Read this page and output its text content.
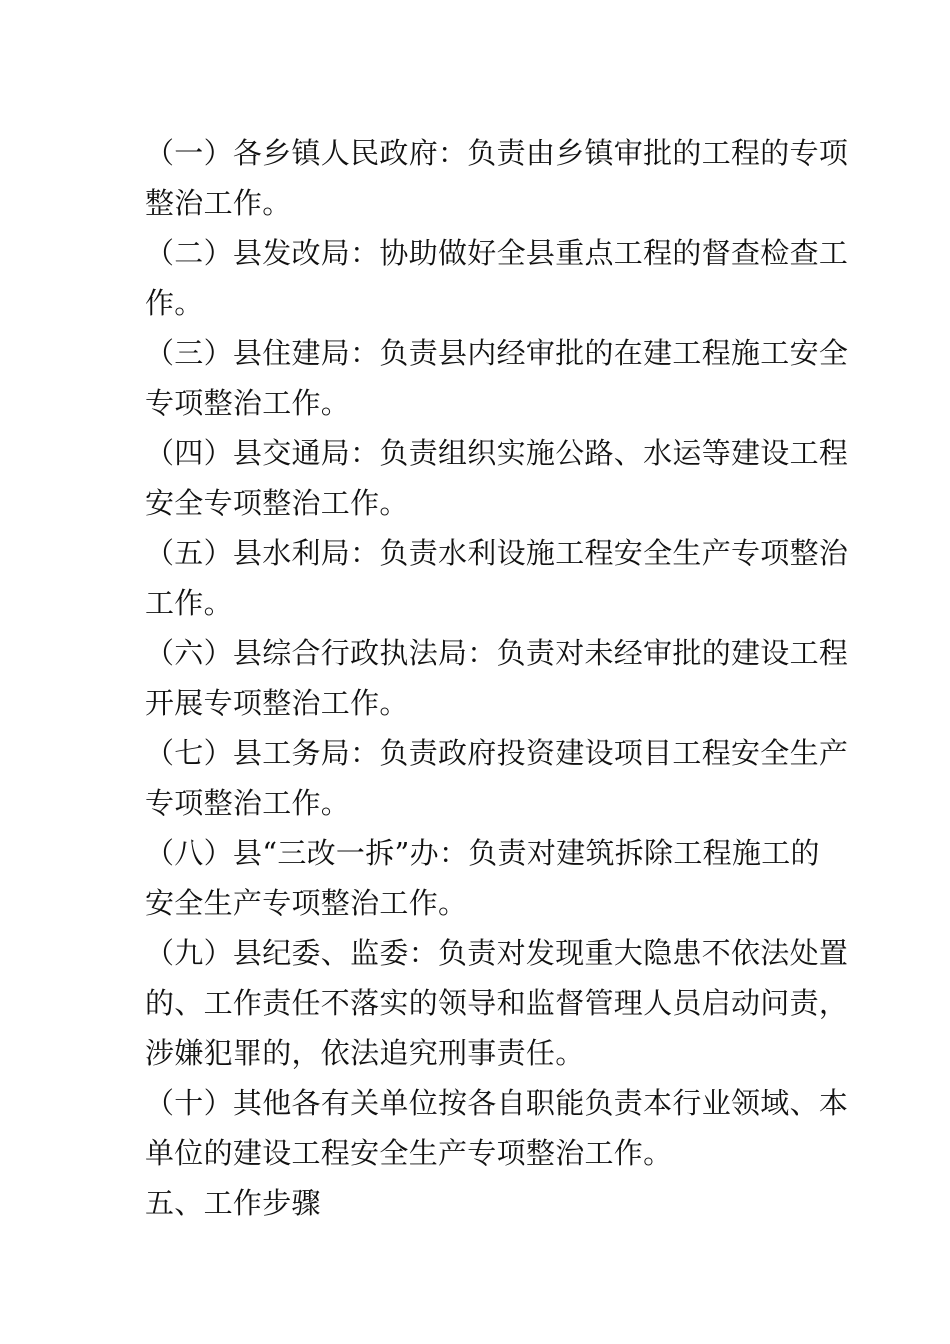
（一）各乡镇人民政府：负责由乡镇审批的工程的专项
整治工作。
（二）县发改局：协助做好全县重点工程的督查检查工
作。
（三）县住建局：负责县内经审批的在建工程施工安全
专项整治工作。
（四）县交通局：负责组织实施公路、水运等建设工程
安全专项整治工作。
（五）县水利局：负责水利设施工程安全生产专项整治
工作。
（六）县综合行政执法局：负责对未经审批的建设工程
开展专项整治工作。
（七）县工务局：负责政府投资建设项目工程安全生产
专项整治工作。
（八）县“三改一拆”办：负责对建筑拆除工程施工的
安全生产专项整治工作。
（九）县纪委、监委：负责对发现重大隐患不依法处置
的、工作责任不落实的领导和监督管理人员启动问责，
涉嫌犯罪的，依法追究刑事责任。
（十）其他各有关单位按各自职能负责本行业领域、本
单位的建设工程安全生产专项整治工作。
五、工作步骤
